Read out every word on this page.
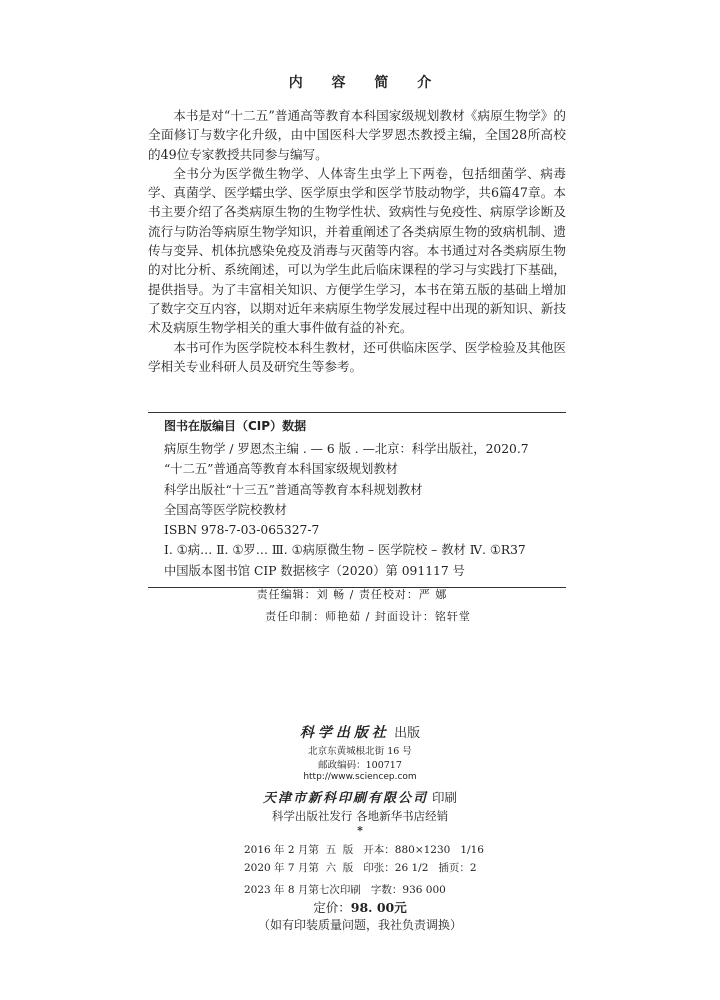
内 容 简 介

本书是对“十二五”普通高等教育本科国家级规划教材《病原生物学》的全面修订与数字化升级，由中国医科大学罗恩杰教授主编，全国28所高校的49位专家教授共同参与编写。

全书分为医学微生物学、人体寄生虫学上下两卷，包括细菌学、病毒学、真菌学、医学蠕虫学、医学原虫学和医学节肢动物学，共6篇47章。本书主要介绍了各类病原生物的生物学性状、致病性与免疫性、病原学诊断及流行与防治等病原生物学知识，并着重阐述了各类病原生物的致病机制、遗传与变异、机体抗感染免疫及消毒与灭菌等内容。本书通过对各类病原生物的对比分析、系统阐述，可以为学生此后临床课程的学习与实践打下基础，提供指导。为了丰富相关知识、方便学生学习，本书在第五版的基础上增加了数字交互内容，以期对近年来病原生物学发展过程中出现的新知识、新技术及病原生物学相关的重大事件做有益的补充。

本书可作为医学院校本科生教材，还可供临床医学、医学检验及其他医学相关专业科研人员及研究生等参考。

图书在版编目（CIP）数据
病原生物学 / 罗恩杰主编 . — 6 版 . —北京：科学出版社，2020.7
“十二五”普通高等教育本科国家级规划教材
科学出版社“十三五”普通高等教育本科规划教材
全国高等医学院校教材
ISBN 978-7-03-065327-7
Ⅰ. ①病… Ⅱ. ①罗… Ⅲ. ①病原微生物 – 医学院校 – 教材 Ⅳ. ①R37
中国版本图书馆 CIP 数据核字（2020）第 091117 号
责任编辑：刘 畅 / 责任校对：严 娜
责任印制：师艳茹 / 封面设计：铭轩堂
科学出版社 出版
北京东黄城根北街 16 号
邮政编码：100717
http://www.sciencep.com
天津市新科印刷有限公司 印刷
科学出版社发行 各地新华书店经销
*
2016 年 2 月第  五  版   开本：880×1230   1/16
2020 年 7 月第  六  版   印张：26 1/2   插页：2
2023 年 8 月第七次印刷   字数：936 000
定价：98. 00元
（如有印装质量问题，我社负责调换）
